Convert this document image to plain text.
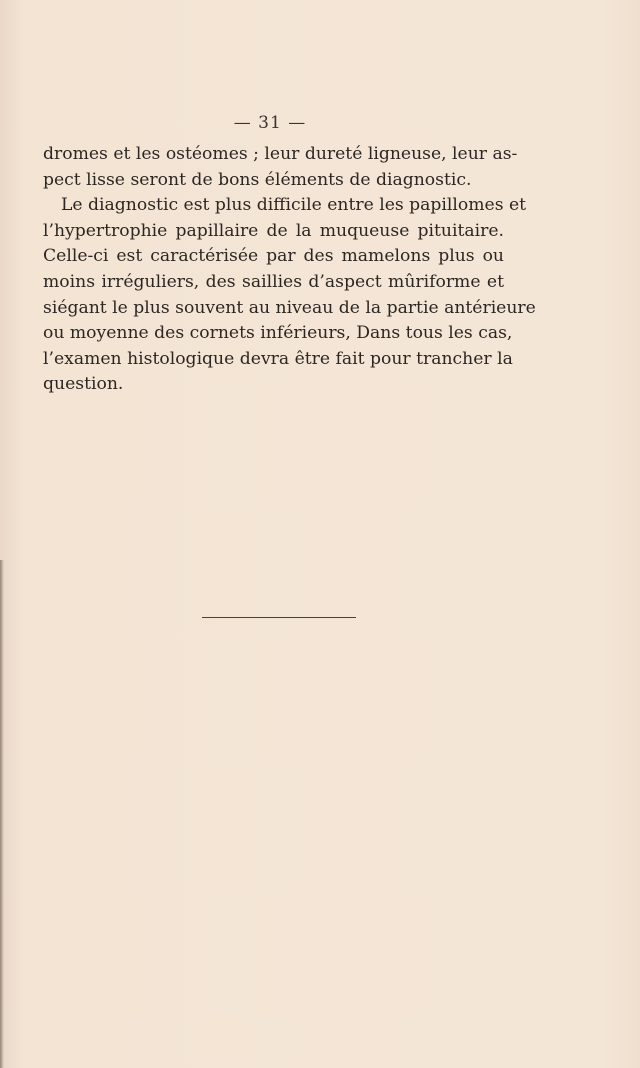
— 31 —
dromes et les ostéomes ; leur dureté ligneuse, leur as-
pect lisse seront de bons éléments de diagnostic.
Le diagnostic est plus difficile entre les papillomes et
l’hypertrophie papillaire de la muqueuse pituitaire.
Celle-ci est caractérisée par des mamelons plus ou
moins irréguliers, des saillies d’aspect mûriforme et
siégant le plus souvent au niveau de la partie antérieure
ou moyenne des cornets inférieurs, Dans tous les cas,
l’examen histologique devra être fait pour trancher la
question.
